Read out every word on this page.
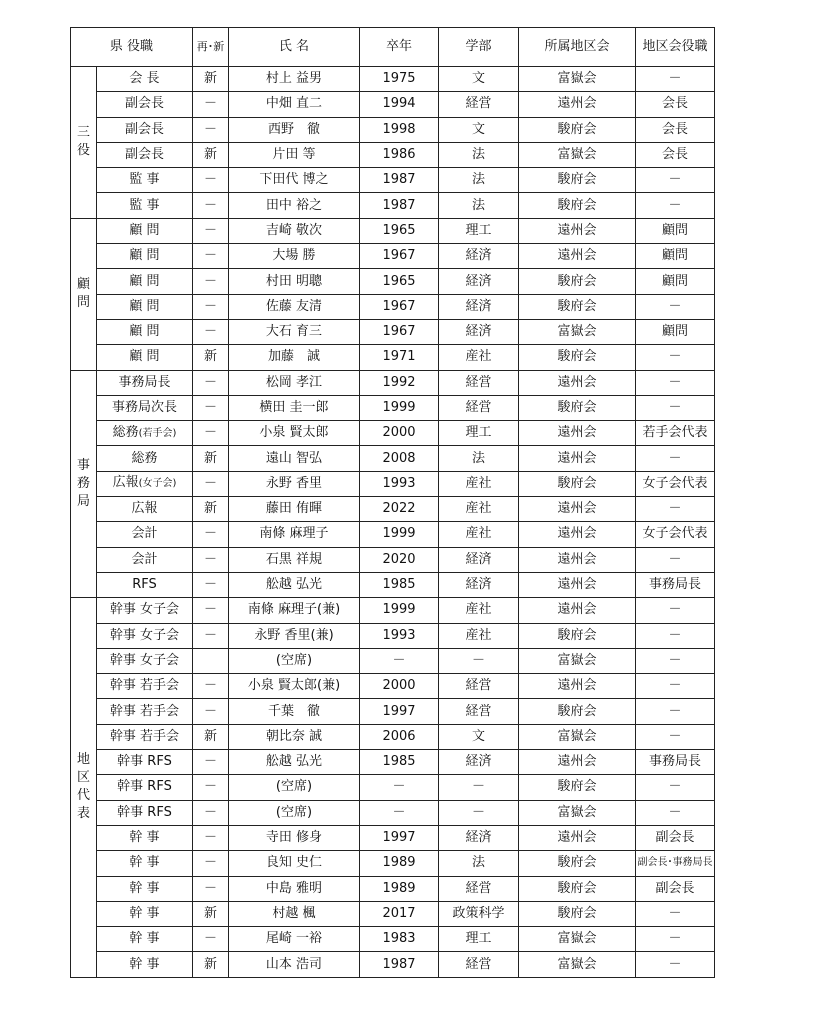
県 役職		再･新	氏 名	卒年	学部	所属地区会	地区会役職
三役	会 長	新	村上 益男	1975	文	富嶽会	－
	副会長	－	中畑 直二	1994	経営	遠州会	会長
	副会長	－	西野　徹	1998	文	駿府会	会長
	副会長	新	片田 等	1986	法	富嶽会	会長
	監 事	－	下田代 博之	1987	法	駿府会	－
	監 事	－	田中 裕之	1987	法	駿府会	－
顧問	顧 問	－	吉崎 敬次	1965	理工	遠州会	顧問
	顧 問	－	大場 勝	1967	経済	遠州会	顧問
	顧 問	－	村田 明聰	1965	経済	駿府会	顧問
	顧 問	－	佐藤 友清	1967	経済	駿府会	－
	顧 問	－	大石 育三	1967	経済	富嶽会	顧問
	顧 問	新	加藤　誠	1971	産社	駿府会	－
事務局	事務局長	－	松岡 孝江	1992	経営	遠州会	－
	事務局次長	－	横田 圭一郎	1999	経営	駿府会	－
	総務(若手会)	－	小泉 賢太郎	2000	理工	遠州会	若手会代表
	総務	新	遠山 智弘	2008	法	遠州会	－
	広報(女子会)	－	永野 香里	1993	産社	駿府会	女子会代表
	広報	新	藤田 侑暉	2022	産社	遠州会	－
	会計	－	南條 麻理子	1999	産社	遠州会	女子会代表
	会計	－	石黒 祥規	2020	経済	遠州会	－
	RFS	－	舩越 弘光	1985	経済	遠州会	事務局長
地区代表	幹事 女子会	－	南條 麻理子(兼)	1999	産社	遠州会	－
	幹事 女子会	－	永野 香里(兼)	1993	産社	駿府会	－
	幹事 女子会		(空席)	－	－	富嶽会	－
	幹事 若手会	－	小泉 賢太郎(兼)	2000	経営	遠州会	－
	幹事 若手会	－	千葉　徹	1997	経営	駿府会	－
	幹事 若手会	新	朝比奈 誠	2006	文	富嶽会	－
	幹事 RFS	－	舩越 弘光	1985	経済	遠州会	事務局長
	幹事 RFS	－	(空席)	－	－	駿府会	－
	幹事 RFS	－	(空席)	－	－	富嶽会	－
	幹 事	－	寺田 修身	1997	経済	遠州会	副会長
	幹 事	－	良知 史仁	1989	法	駿府会	副会長･事務局長
	幹 事	－	中島 雅明	1989	経営	駿府会	副会長
	幹 事	新	村越 楓	2017	政策科学	駿府会	－
	幹 事	－	尾崎 一裕	1983	理工	富嶽会	－
	幹 事	新	山本 浩司	1987	経営	富嶽会	－
